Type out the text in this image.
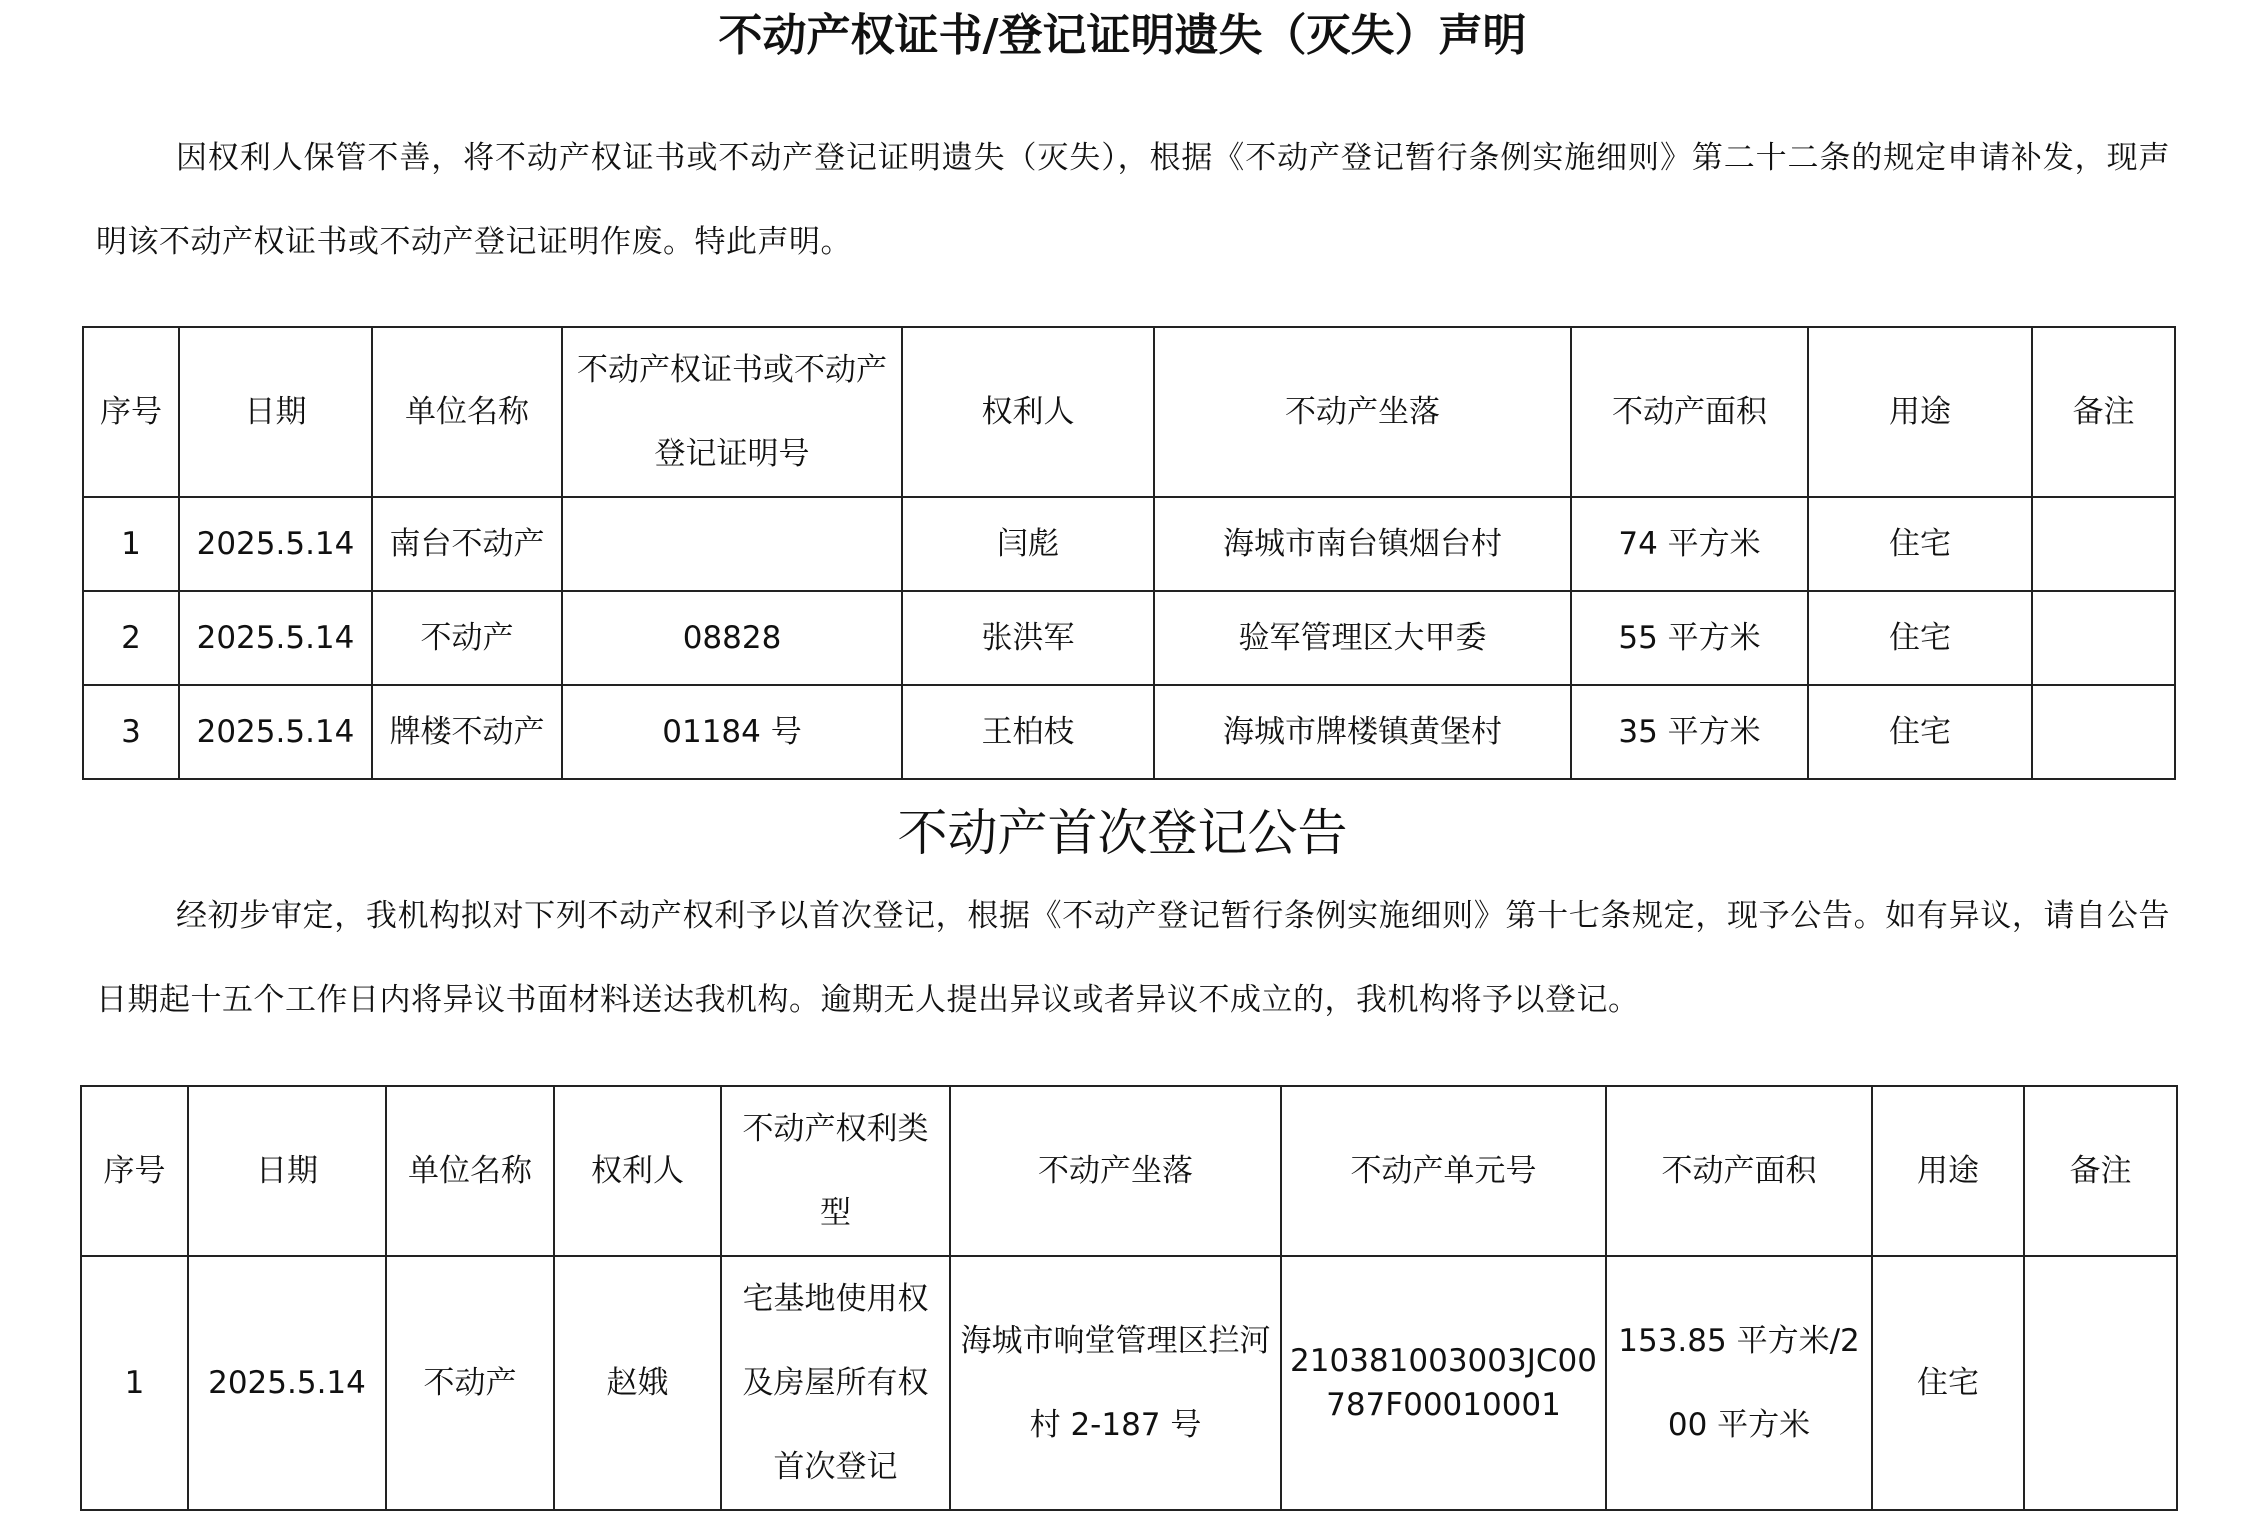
不动产权证书/登记证明遗失（灭失）声明

因权利人保管不善，将不动产权证书或不动产登记证明遗失（灭失），根据《不动产登记暂行条例实施细则》第二十二条的规定申请补发，现声明该不动产权证书或不动产登记证明作废。特此声明。

序号	日期	单位名称	不动产权证书或不动产登记证明号	权利人	不动产坐落	不动产面积	用途	备注
1	2025.5.14	南台不动产		闫彪	海城市南台镇烟台村	74 平方米	住宅	
2	2025.5.14	不动产	08828	张洪军	验军管理区大甲委	55 平方米	住宅	
3	2025.5.14	牌楼不动产	01184 号	王柏枝	海城市牌楼镇黄堡村	35 平方米	住宅	
不动产首次登记公告

经初步审定，我机构拟对下列不动产权利予以首次登记，根据《不动产登记暂行条例实施细则》第十七条规定，现予公告。如有异议，请自公告日期起十五个工作日内将异议书面材料送达我机构。逾期无人提出异议或者异议不成立的，我机构将予以登记。

序号	日期	单位名称	权利人	不动产权利类型	不动产坐落	不动产单元号	不动产面积	用途	备注
1	2025.5.14	不动产	赵娥	宅基地使用权及房屋所有权首次登记	海城市响堂管理区拦河村 2-187 号	210381003003JC00787F00010001	153.85 平方米/200 平方米	住宅	
